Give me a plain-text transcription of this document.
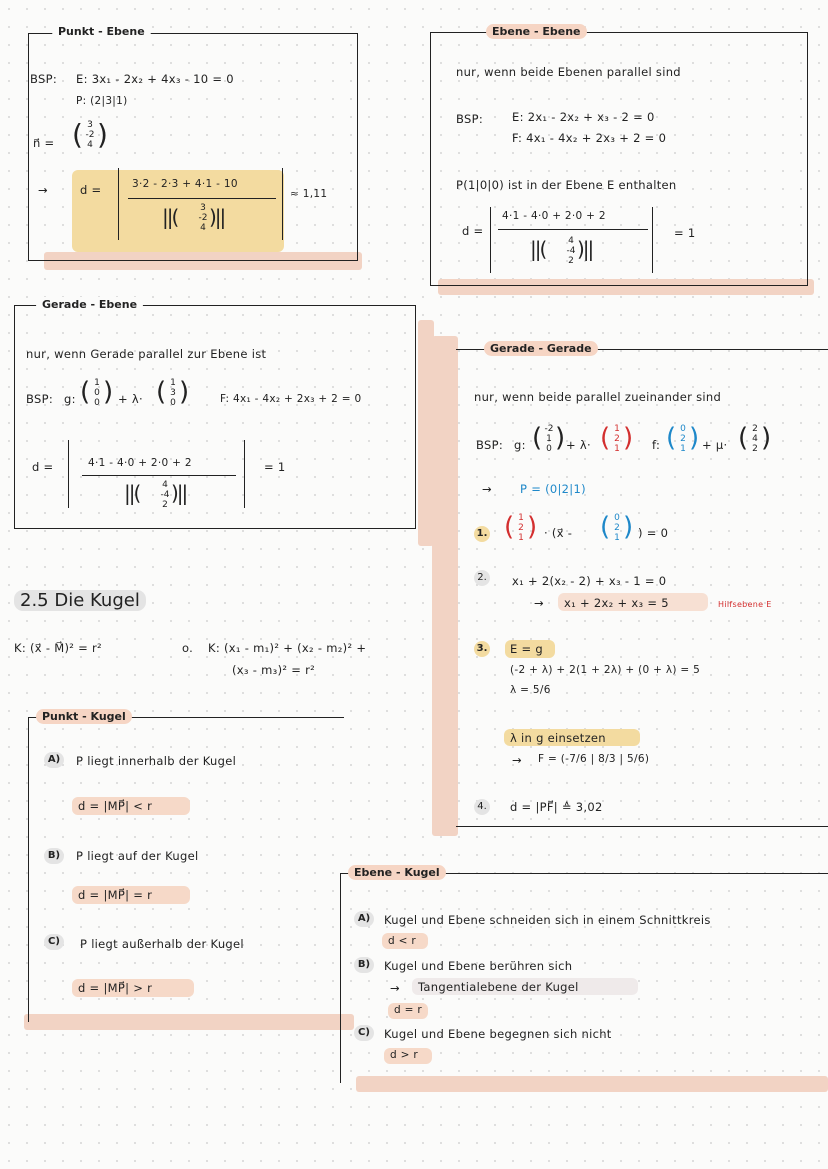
Punkt - Ebene
BSP: E: 3x₁ - 2x₂ + 4x₃ - 10 = 0
P: (2|3|1)
n⃗ = ( 3
-2
4 )
→	d =	3·2 - 2·3 + 4·1 - 10
||(	3
-2
4 )||
≈ 1,11
Ebene - Ebene
nur, wenn beide Ebenen parallel sind
BSP:	E: 2x₁ - 2x₂ + x₃ - 2 = 0
F: 4x₁ - 4x₂ + 2x₃ + 2 = 0
P(1|0|0) ist in der Ebene E enthalten
d =
4·1 - 4·0 + 2·0 + 2
||(	4
-4
2 )||
= 1
Gerade - Ebene
nur, wenn Gerade parallel zur Ebene ist
BSP: g: ( 1
0
0 ) + λ· ( 1
3
0 )	F: 4x₁ - 4x₂ + 2x₃ + 2 = 0
d =	4·1 - 4·0 + 2·0 + 2
||(	4
-4
2 )||
= 1
Gerade - Gerade
nur, wenn beide parallel zueinander sind
BSP: g: ( -2
1
0 ) + λ· ( 1
2
1 ) f: ( 0
2
1 ) + μ· ( 2
4
2 )
→ P = (0|2|1)
1. ( 1
2
1 ) · (x⃗ - ( 0
2
1 ) ) = 0
2. x₁ + 2(x₂ - 2) + x₃ - 1 = 0
→ x₁ + 2x₂ + x₃ = 5	Hilfsebene E
3. E = g
(-2 + λ) + 2(1 + 2λ) + (0 + λ) = 5
λ = 5/6
λ in g einsetzen
→ F = (-7/6 | 8/3 | 5/6)
4. d = |PF⃗| ≙ 3,02
2.5 Die Kugel
K: (x⃗ - M⃗)² = r²	o. K: (x₁ - m₁)² + (x₂ - m₂)² +
(x₃ - m₃)² = r²
Punkt - Kugel
A)	P liegt innerhalb der Kugel
d = |MP⃗| < r
B)	P liegt auf der Kugel
d = |MP⃗| = r
C)	P liegt außerhalb der Kugel
d = |MP⃗| > r
Ebene - Kugel
A)	Kugel und Ebene schneiden sich in einem Schnittkreis
d < r
B)	Kugel und Ebene berühren sich
→ Tangentialebene der Kugel
d = r
C)	Kugel und Ebene begegnen sich nicht
d > r
